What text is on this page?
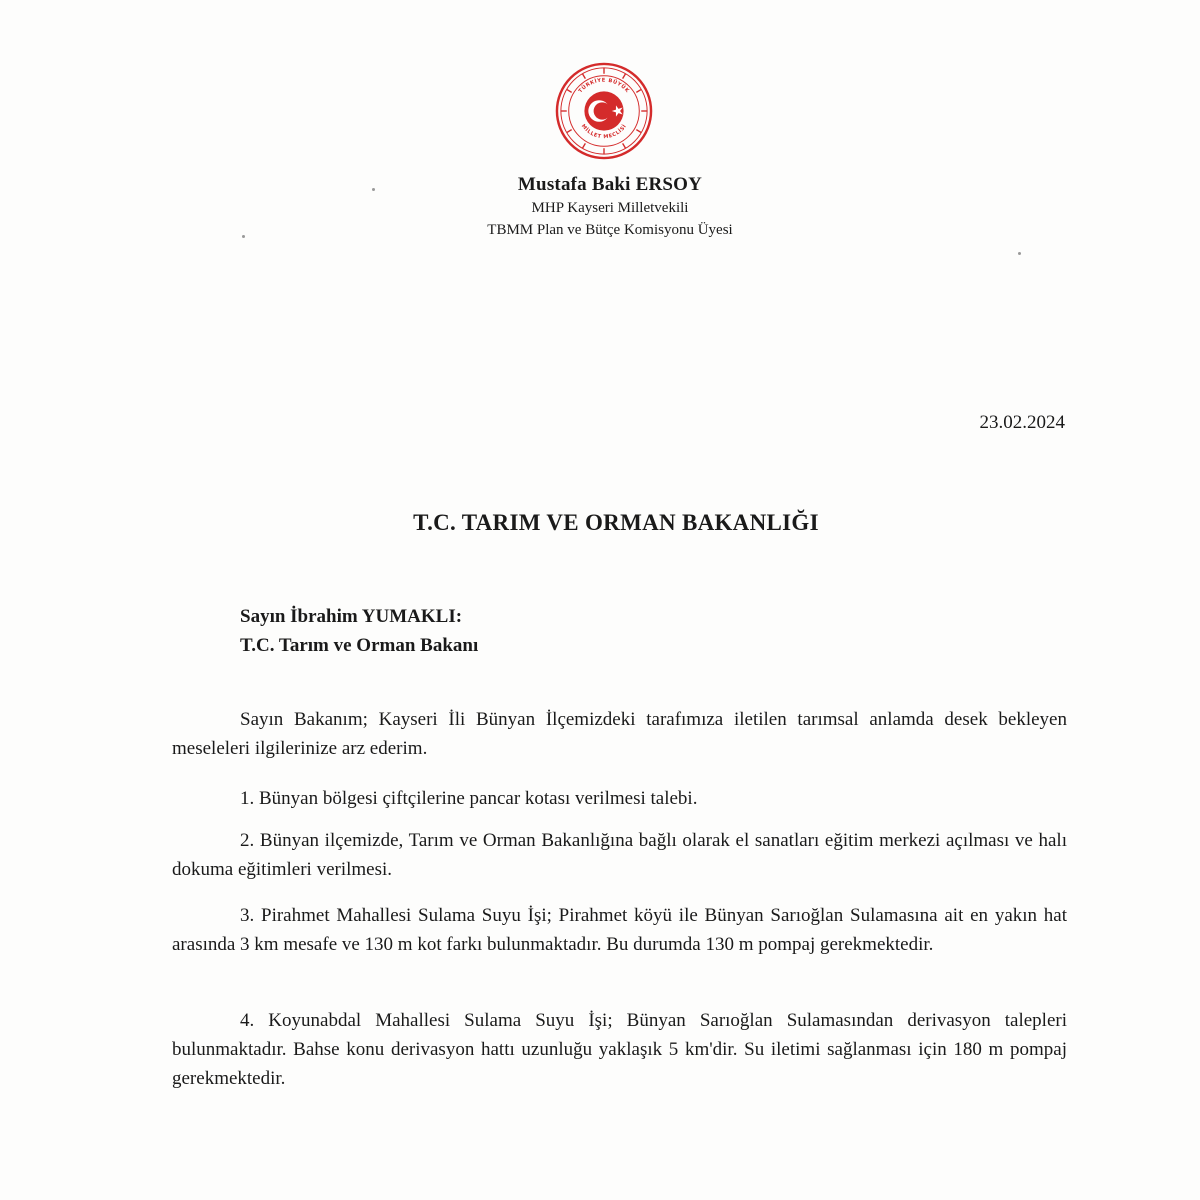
TÜRKİYE BÜYÜK
MİLLET MECLİSİ
Mustafa Baki ERSOY
MHP Kayseri Milletvekili
TBMM Plan ve Bütçe Komisyonu Üyesi
23.02.2024
T.C. TARIM VE ORMAN BAKANLIĞI
Sayın İbrahim YUMAKLI:
T.C. Tarım ve Orman Bakanı

Sayın Bakanım; Kayseri İli Bünyan İlçemizdeki tarafımıza iletilen tarımsal anlamda desek bekleyen meseleleri ilgilerinize arz ederim.

1. Bünyan bölgesi çiftçilerine pancar kotası verilmesi talebi.

2. Bünyan ilçemizde, Tarım ve Orman Bakanlığına bağlı olarak el sanatları eğitim merkezi açılması ve halı dokuma eğitimleri verilmesi.

3. Pirahmet Mahallesi Sulama Suyu İşi; Pirahmet köyü ile Bünyan Sarıoğlan Sulamasına ait en yakın hat arasında 3 km mesafe ve 130 m kot farkı bulunmaktadır. Bu durumda 130 m pompaj gerekmektedir.

4. Koyunabdal Mahallesi Sulama Suyu İşi; Bünyan Sarıoğlan Sulamasından derivasyon talepleri bulunmaktadır. Bahse konu derivasyon hattı uzunluğu yaklaşık 5 km'dir. Su iletimi sağlanması için 180 m pompaj gerekmektedir.
